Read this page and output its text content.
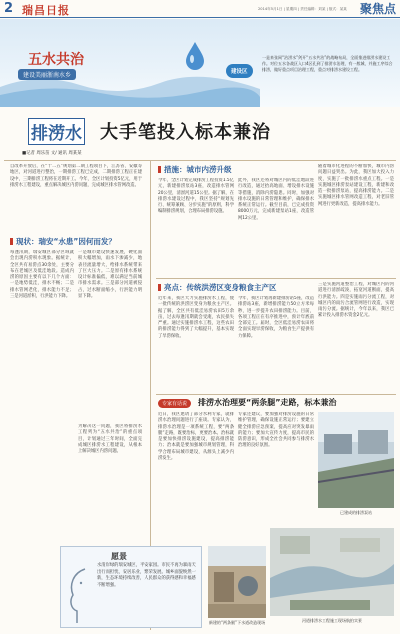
2 瑞昌日报	2014年5月1日 | 星期四 | 责任编辑：刘某 | 版式：某某 聚焦点
五水共治
建设美丽浙南水乡	建设区
一是来张网“治涝水”剑开“五水共治”的战略布局，全面推进排涝水建设工作。对位五水各战区入口4区孔到了排涝水治理，有一般城、并施工序综合排涝，做好重点项目治理工程，重点对排涝水建设工程。
排涝水 大手笔投入标本兼治
■记者 周乐苗 文/ 通讯 周某某
自改革开放后，在“十二五”规划第二期工程项目下，江苏省、安徽等地区，对河道进行整治，一期排涝工程已完成，二期排涝工程正在建设中，三期排涝工程将在近期开工。今年，全区计划投资5亿元，用于排涝水工程建设，重点解决城区内涝问题，完成城区排水管网改造。
现状：瑞安“水患”因何而发？
每逢汛期，瑞安城区部分区域就会出现内涝积水现象。据统计，全区共有易涝点30余处，主要分布在老城区及低洼地段。造成内涝的原因主要有以下几个方面：一是地势低洼，排水不畅；二是排水管网老化，排水能力不足；三是河道淤积，行洪能力下降。
一是城市建设快速发展，硬化面积大幅增加，雨水下渗减少，地表径流量增大，给排水系统带来了巨大压力。二是原有排水系统设计标准偏低，难以满足当前城市排水需求。三是部分河道被侵占，过水断面缩小，行洪能力明显下降。
为解决这一问题，我区将排涝水工程列为“五水共治”的重点项目，计划通过三年时间，全面完成城区排涝水工程建设，从根本上解决城区内涝问题。
措施：城市内涝升级
今年，全区计划完成排涝工程投资1.5亿元，新建排涝泵站3座，改造排水管网20公里，清淤河道15公里。据了解，在排涝水建设过程中，我区坚持“规划先行、统筹兼顾、分步实施”的原则，科学编制排涝规划，合理布局排涝设施。
此外，我区还将对城区内的低洼地段进行改造，通过抬高地面、增设排水设施等措施，消除内涝隐患。同时，加强对排水设施的日常管理和维护，确保排水系统正常运行。截至目前，已完成投资8000万元，完成新建泵站1座，改造管网12公里。
随着城市化进程的不断加快，城市内涝问题日益突出。为此，我区加大投入力度，实施了一批排涝水重点工程。一是实施城区排涝泵站建设工程，新建和改造一批排涝泵站，提高排涝能力。二是实施城区排水管网改造工程，对老旧管网进行更新改造，提高排水能力。
亮点：传统洪涝区变身粮食主产区
近年来，我区大力实施排涝水工程，使一批传统的洪涝区变身为粮食主产区。据了解，全区共有低洼易涝农田5万余亩，过去每逢汛期就会受淹，农民损失严重。通过实施排涝水工程，这些农田的排涝能力得到了大幅提升，基本实现了旱涝保收。
今年，我区计划再新建排涝站5座，改造排涝站3座，新增排涝能力50立方米每秒，进一步提升农田排涝能力。目前，各项工程正在有序推进中，预计年底前全部完工。届时，全区低洼易涝农田将全面实现旱涝保收，为粮食生产提供有力保障。
三是实施河道整治工程，对城区内的河道进行清淤疏浚，拓宽河道断面，提高行洪能力。四是实施雨污分流工程，对城区内的雨污合流管网进行改造，实现雨污分流。据统计，今年以来，我区已累计投入排涝水资金2亿元。
专家有话说	排涝水治理要“两条腿”走路，标本兼治
近日，我区邀请了部分水利专家，就排涝水治理问题进行了座谈。专家认为，排涝水治理是一项系统工程，要“两条腿”走路，既要治标，更要治本。治标就是要加快排涝设施建设，提高排涝能力；治本就是要加强城市规划管理，科学合理布局城市建设，从源头上减少内涝发生。
专家还建议，要加强对排涝设施的日常维护管理，确保设施正常运行；要建立健全排涝应急预案，提高应对突发暴雨的能力；要加大宣传力度，提高市民的防涝意识，形成全社会共同参与排涝水治理的良好氛围。
已建成的排涝泵站
新建的“两条腿”下水道改造现场	河道排涝水工程施工现场航拍实景
愿景
水清岸绿的瑞安城区，平安家园。市民不再为暴雨天出行而担忧，安居乐业，繁荣发展。城乡面貌焕然一新，生态环境持续改善，人民群众的获得感和幸福感不断增强。
